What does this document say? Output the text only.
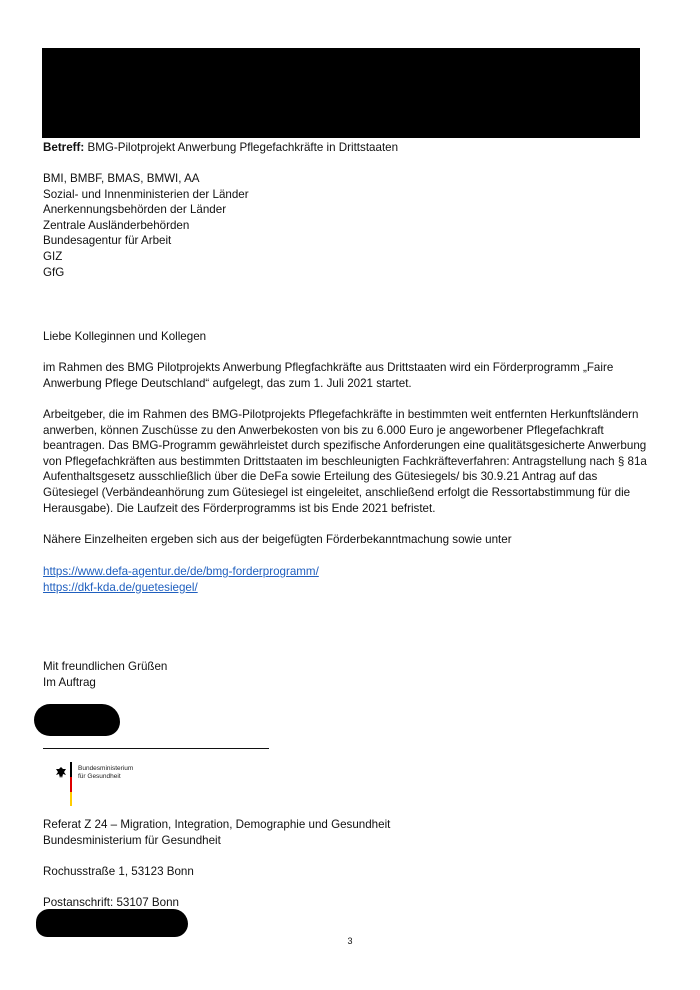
Betreff: BMG-Pilotprojekt Anwerbung Pflegefachkräfte in Drittstaaten
BMI, BMBF, BMAS, BMWI, AA
Sozial- und Innenministerien der Länder
Anerkennungsbehörden der Länder
Zentrale Ausländerbehörden
Bundesagentur für Arbeit
GIZ
GfG

Liebe Kolleginnen und Kollegen

im Rahmen des BMG Pilotprojekts Anwerbung Pflegfachkräfte aus Drittstaaten wird ein Förderprogramm „Faire Anwerbung Pflege Deutschland“ aufgelegt, das zum 1. Juli 2021 startet.

Arbeitgeber, die im Rahmen des BMG-Pilotprojekts Pflegefachkräfte in bestimmten weit entfernten Herkunftsländern anwerben, können Zuschüsse zu den Anwerbekosten von bis zu 6.000 Euro je angeworbener Pflegefachkraft beantragen. Das BMG-Programm gewährleistet durch spezifische Anforderungen eine qualitätsgesicherte Anwerbung von Pflegefachkräften aus bestimmten Drittstaaten im beschleunigten Fachkräfteverfahren: Antragstellung nach § 81a Aufenthaltsgesetz ausschließlich über die DeFa sowie Erteilung des Gütesiegels/ bis 30.9.21 Antrag auf das Gütesiegel (Verbändeanhörung zum Gütesiegel ist eingeleitet, anschließend erfolgt die Ressortabstimmung für die Herausgabe). Die Laufzeit des Förderprogramms ist bis Ende 2021 befristet.

Nähere Einzelheiten ergeben sich aus der beigefügten Förderbekanntmachung sowie unter

https://www.defa-agentur.de/de/bmg-forderprogramm/
https://dkf-kda.de/guetesiegel/
Mit freundlichen Grüßen
Im Auftrag
Bundesministerium
für Gesundheit
Referat Z 24 – Migration, Integration, Demographie und Gesundheit
Bundesministerium für Gesundheit
Rochusstraße 1, 53123 Bonn
Postanschrift: 53107 Bonn
3
